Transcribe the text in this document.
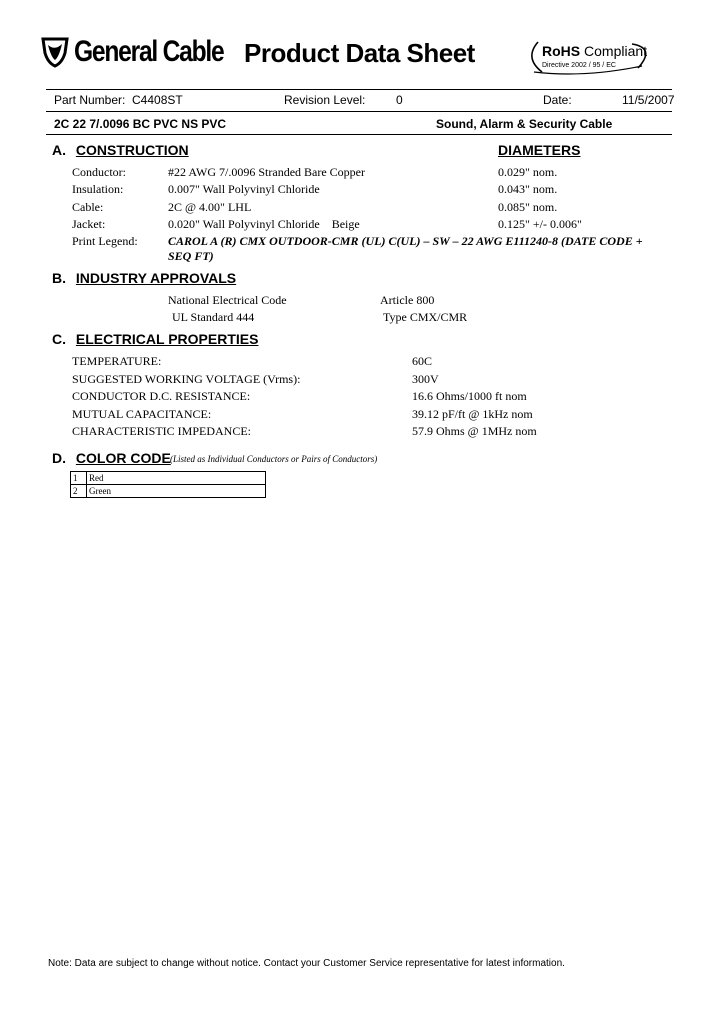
General Cable Product Data Sheet	RoHS Compliant
Directive 2002 / 95 / EC
Part Number: C4408ST	Revision Level:	0	Date:	11/5/2007
2C 22 7/.0096 BC PVC NS PVC	Sound, Alarm & Security Cable
A. CONSTRUCTION	DIAMETERS
Conductor:	#22 AWG 7/.0096 Stranded Bare Copper	0.029" nom.
Insulation:	0.007" Wall Polyvinyl Chloride	0.043" nom.
Cable:	2C @ 4.00" LHL	0.085" nom.
Jacket:	0.020" Wall Polyvinyl Chloride    Beige	0.125" +/- 0.006"
Print Legend:	CAROL A (R) CMX OUTDOOR-CMR (UL) C(UL) – SW – 22 AWG E111240-8 (DATE CODE +
SEQ FT)
B. INDUSTRY APPROVALS
National Electrical Code	Article 800
UL Standard 444	Type CMX/CMR
C. ELECTRICAL PROPERTIES
TEMPERATURE:	60C
SUGGESTED WORKING VOLTAGE (Vrms):	300V
CONDUCTOR D.C. RESISTANCE:	16.6 Ohms/1000 ft nom
MUTUAL CAPACITANCE:	39.12 pF/ft @ 1kHz nom
CHARACTERISTIC IMPEDANCE:	57.9 Ohms @ 1MHz nom
D. COLOR CODE (Listed as Individual Conductors or Pairs of Conductors)
1	Red
2	Green
Note: Data are subject to change without notice. Contact your Customer Service representative for latest information.
